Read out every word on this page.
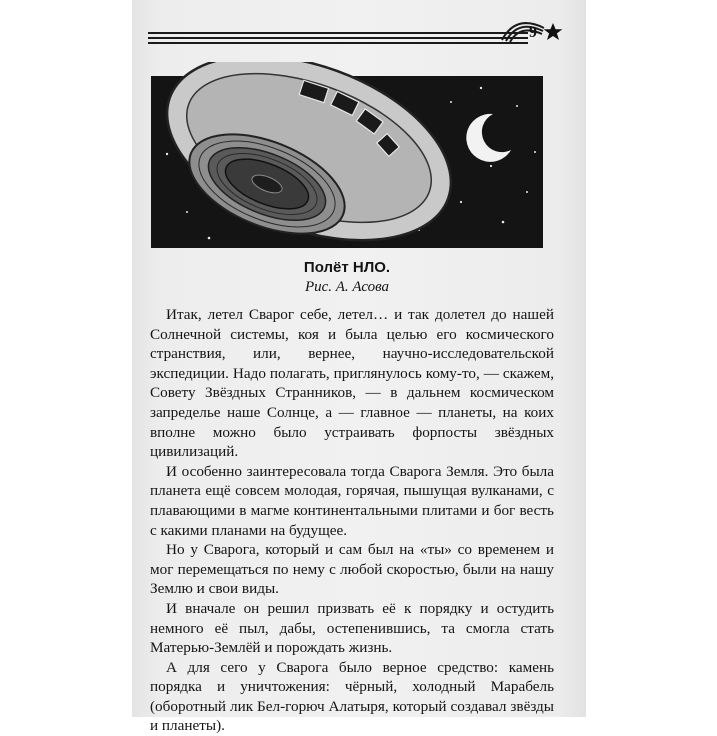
9
Полёт НЛО.
Рис. А. Асова

Итак, летел Сварог себе, летел… и так долетел до нашей Солнечной системы, коя и была целью его космического странствия, или, вернее, научно-исследовательской экспедиции. Надо полагать, приглянулось кому-то, — скажем, Совету Звёздных Странников, — в дальнем космическом запределье наше Солнце, а — главное — планеты, на коих вполне можно было устраивать форпосты звёздных цивилизаций.

И особенно заинтересовала тогда Сварога Земля. Это была планета ещё совсем молодая, горячая, пышущая вулканами, с плавающими в магме континентальными плитами и бог весть с какими планами на будущее.

Но у Сварога, который и сам был на «ты» со временем и мог перемещаться по нему с любой скоростью, были на нашу Землю и свои виды.

И вначале он решил призвать её к порядку и остудить немного её пыл, дабы, остепенившись, та смогла стать Матерью-Землёй и порождать жизнь.

А для сего у Сварога было верное средство: камень порядка и уничтожения: чёрный, холодный Марабель (оборотный лик Бел-горюч Алатыря, который создавал звёзды и планеты).
